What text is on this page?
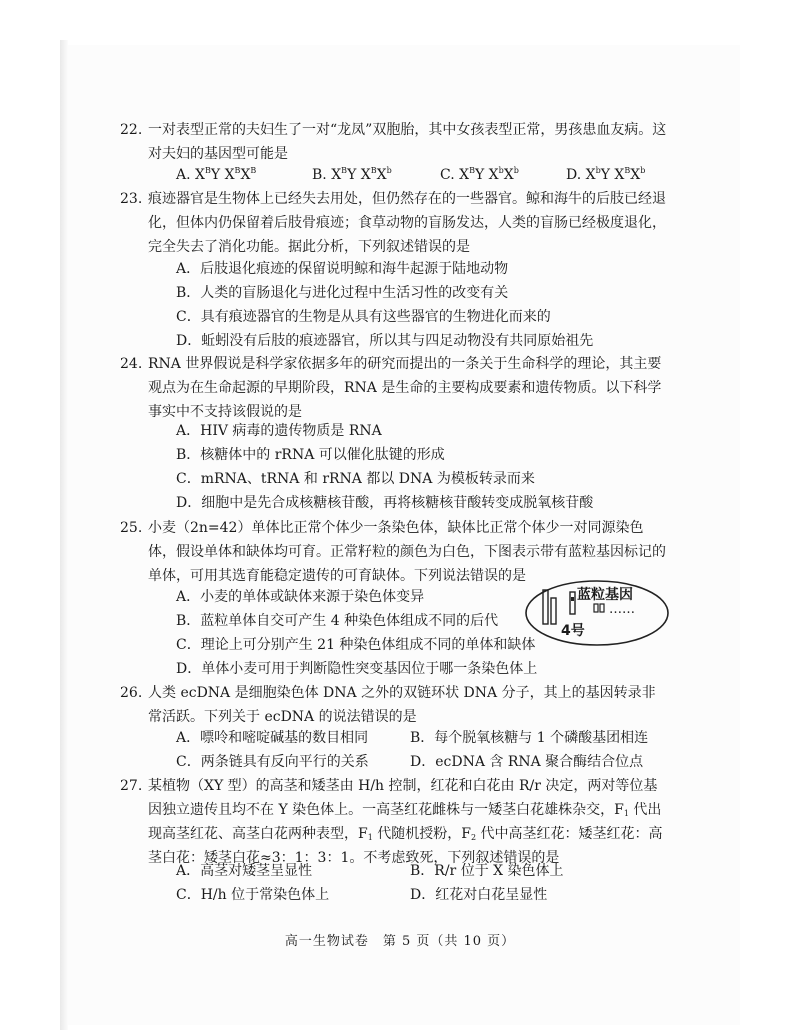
22. 一对表型正常的夫妇生了一对“龙凤”双胞胎，其中女孩表型正常，男孩患血友病。这对夫妇的基因型可能是
A. $X^BY$ $X^BX^B$	B. $X^BY$ $X^BX^b$	C. $X^BY$ $X^bX^b$	D. $X^bY$ $X^BX^b$
23. 痕迹器官是生物体上已经失去用处，但仍然存在的一些器官。鲸和海牛的后肢已经退化，但体内仍保留着后肢骨痕迹；食草动物的盲肠发达，人类的盲肠已经极度退化，完全失去了消化功能。据此分析，下列叙述错误的是
A．后肢退化痕迹的保留说明鲸和海牛起源于陆地动物
B．人类的盲肠退化与进化过程中生活习性的改变有关
C．具有痕迹器官的生物是从具有这些器官的生物进化而来的
D．蚯蚓没有后肢的痕迹器官，所以其与四足动物没有共同原始祖先
24. RNA 世界假说是科学家依据多年的研究而提出的一条关于生命科学的理论，其主要观点为在生命起源的早期阶段，RNA 是生命的主要构成要素和遗传物质。以下科学事实中不支持该假说的是
A．HIV 病毒的遗传物质是 RNA
B．核糖体中的 rRNA 可以催化肽键的形成
C．mRNA、tRNA 和 rRNA 都以 DNA 为模板转录而来
D．细胞中是先合成核糖核苷酸，再将核糖核苷酸转变成脱氧核苷酸
25. 小麦（2n=42）单体比正常个体少一条染色体，缺体比正常个体少一对同源染色体，假设单体和缺体均可育。正常籽粒的颜色为白色，下图表示带有蓝粒基因标记的单体，可用其选育能稳定遗传的可育缺体。下列说法错误的是
A．小麦的单体或缺体来源于染色体变异
B．蓝粒单体自交可产生 4 种染色体组成不同的后代
C．理论上可分别产生 21 种染色体组成不同的单体和缺体
D．单体小麦可用于判断隐性突变基因位于哪一条染色体上
蓝粒基因
……
4号
26. 人类 ecDNA 是细胞染色体 DNA 之外的双链环状 DNA 分子，其上的基因转录非常活跃。下列关于 ecDNA 的说法错误的是
A．嘌呤和嘧啶碱基的数目相同	B．每个脱氧核糖与 1 个磷酸基团相连
C．两条链具有反向平行的关系	D．ecDNA 含 RNA 聚合酶结合位点
27. 某植物（XY 型）的高茎和矮茎由 H/h 控制，红花和白花由 R/r 决定，两对等位基因独立遗传且均不在 Y 染色体上。一高茎红花雌株与一矮茎白花雄株杂交，$F_1$ 代出现高茎红花、高茎白花两种表型，$F_1$ 代随机授粉，$F_2$ 代中高茎红花：矮茎红花：高茎白花：矮茎白花≈3：1：3：1。不考虑致死，下列叙述错误的是
A．高茎对矮茎呈显性	B．R/r 位于 X 染色体上
C．H/h 位于常染色体上	D．红花对白花呈显性
高一生物试卷　第 5 页（共 10 页）
